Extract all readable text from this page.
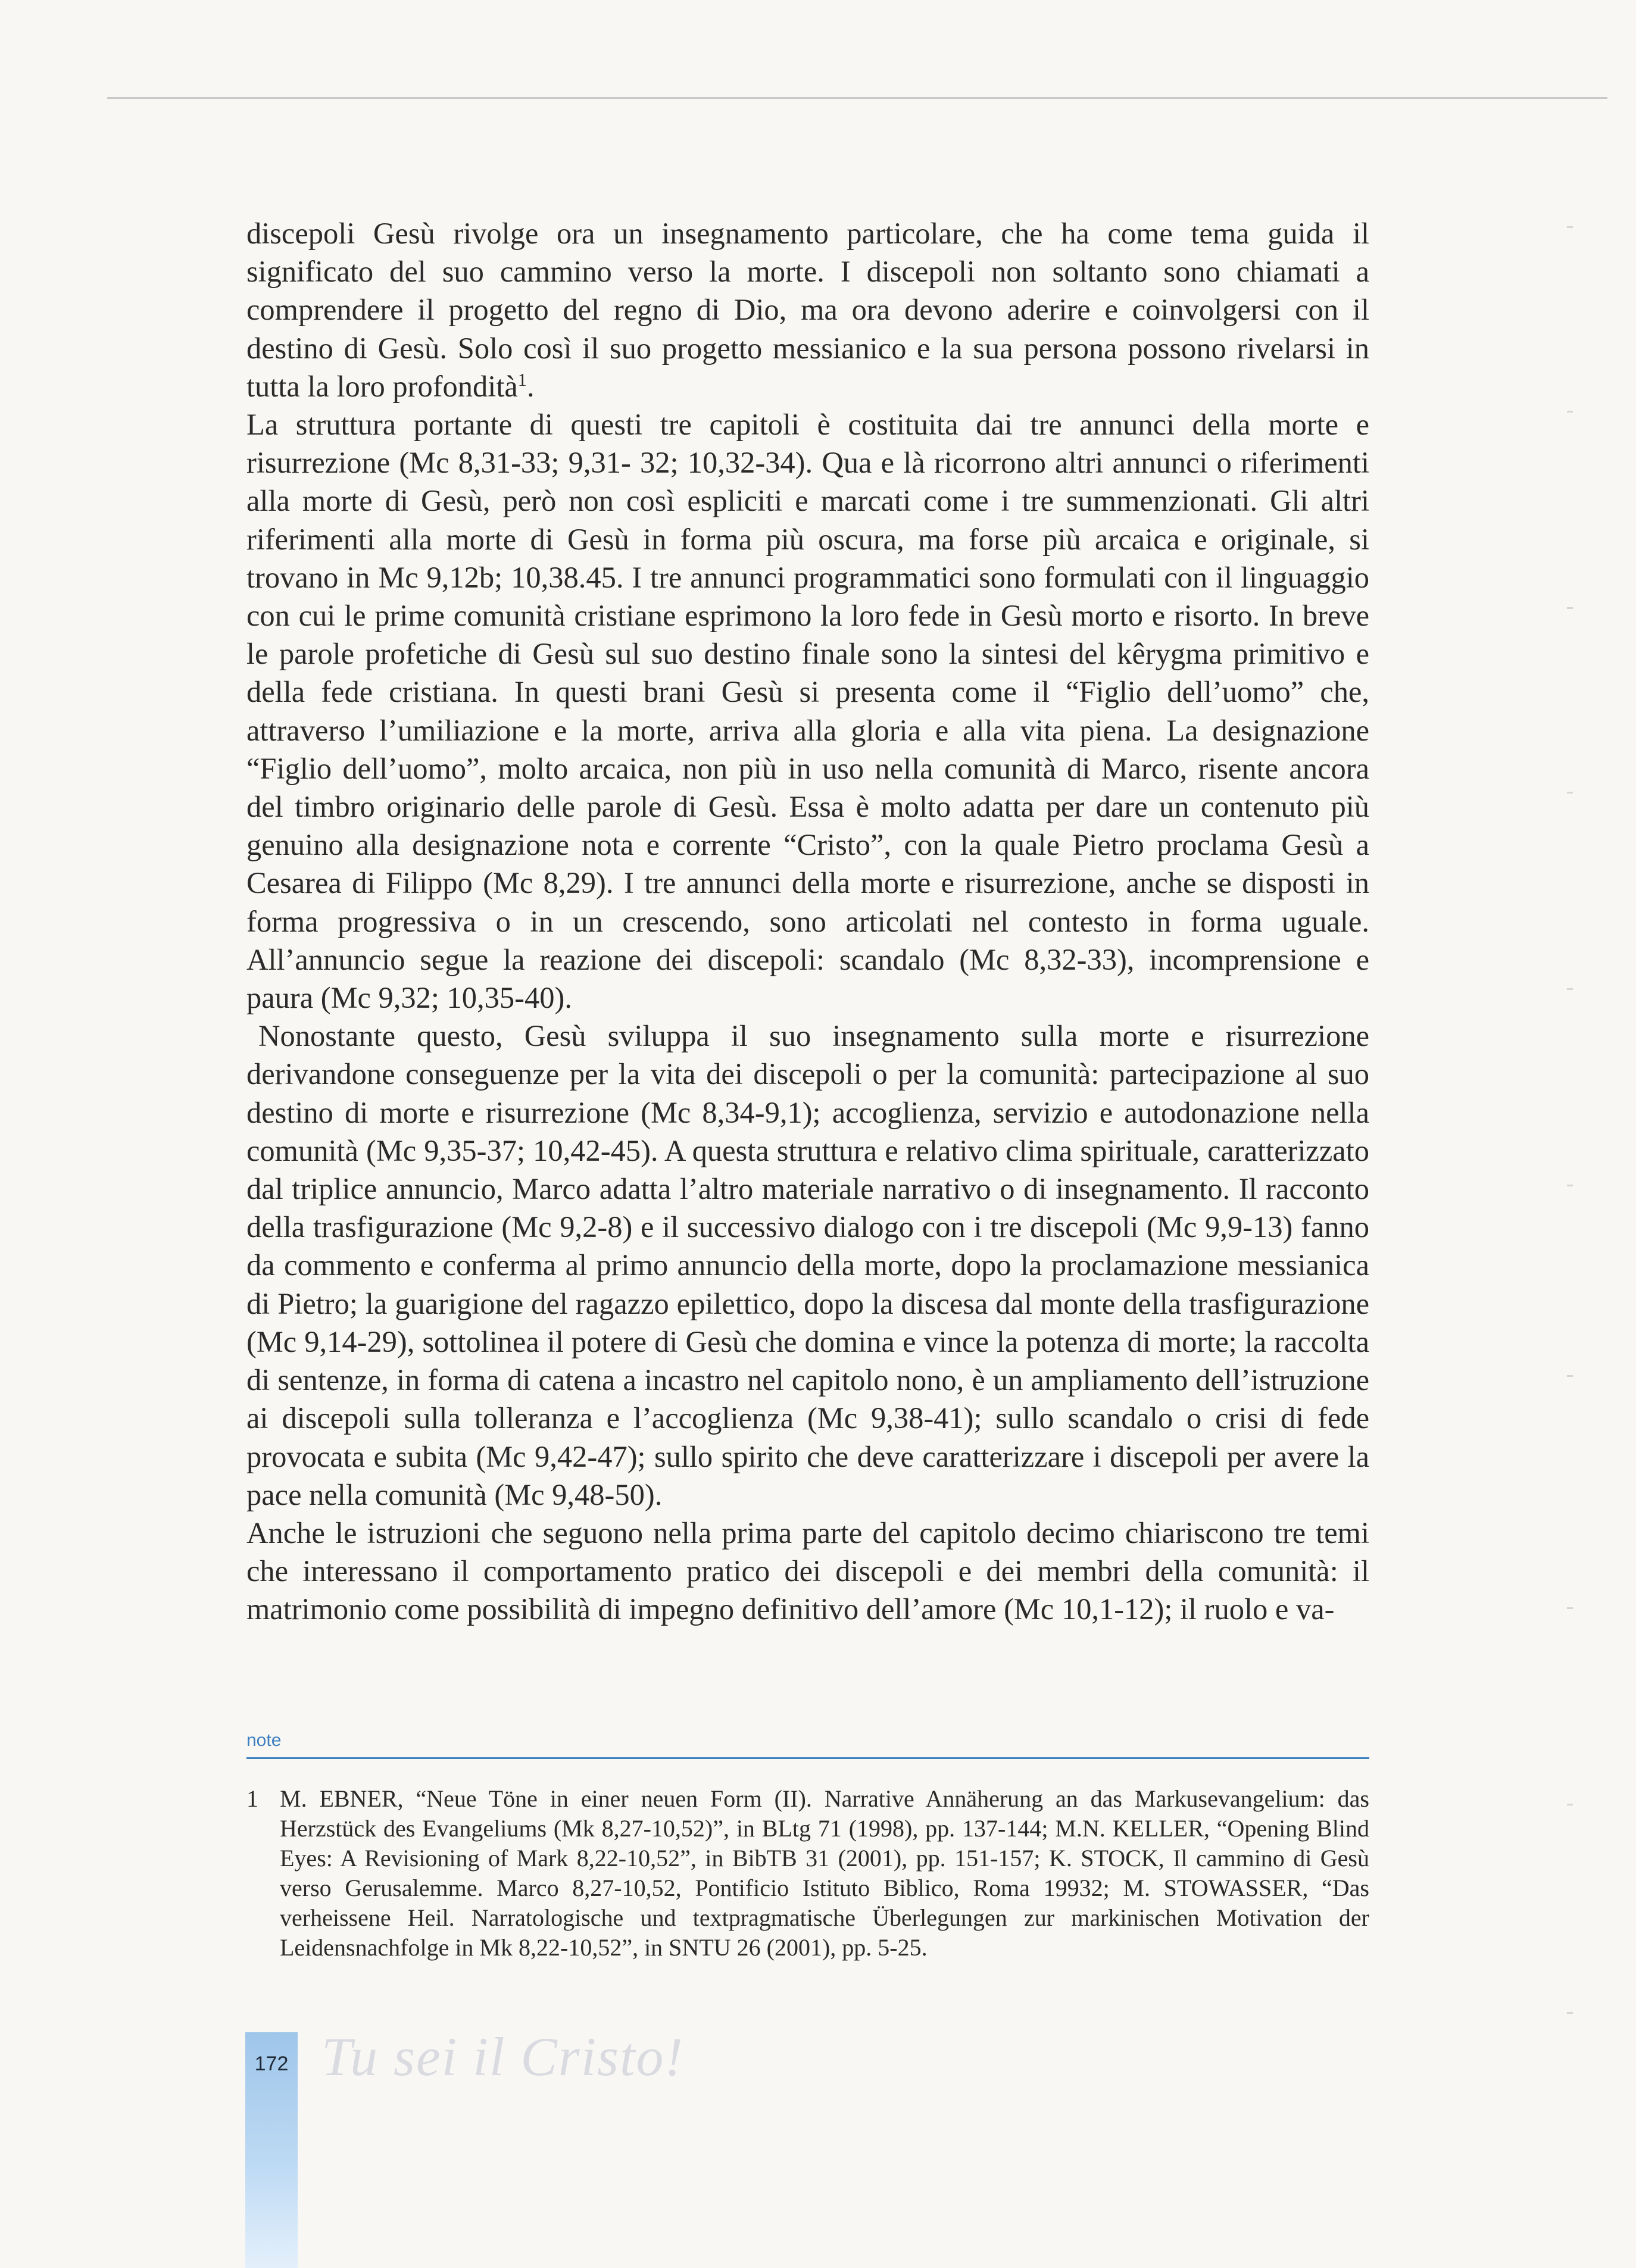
discepoli Gesù rivolge ora un insegnamento particolare, che ha come tema guida il significato del suo cammino verso la morte. I discepoli non soltanto sono chiamati a comprendere il progetto del regno di Dio, ma ora devono aderire e coinvolgersi con il destino di Gesù. Solo così il suo progetto messianico e la sua persona possono rivelarsi in tutta la loro profondità$^1$.

La struttura portante di questi tre capitoli è costituita dai tre annunci della morte e risurrezione (Mc 8,31-33; 9,31- 32; 10,32-34). Qua e là ricorrono altri annunci o riferimenti alla morte di Gesù, però non così espliciti e marcati come i tre summenzionati. Gli altri riferimenti alla morte di Gesù in forma più oscura, ma forse più arcaica e originale, si trovano in Mc 9,12b; 10,38.45. I tre annunci programmatici sono formulati con il linguaggio con cui le prime comunità cristiane esprimono la loro fede in Gesù morto e risorto. In breve le parole profetiche di Gesù sul suo destino finale sono la sintesi del kêrygma primitivo e della fede cristiana. In questi brani Gesù si presenta come il “Figlio dell’uomo” che, attraverso l’umiliazione e la morte, arriva alla gloria e alla vita piena. La designazione “Figlio dell’uomo”, molto arcaica, non più in uso nella comunità di Marco, risente ancora del timbro originario delle parole di Gesù. Essa è molto adatta per dare un contenuto più genuino alla designazione nota e corrente “Cristo”, con la quale Pietro proclama Gesù a Cesarea di Filippo (Mc 8,29). I tre annunci della morte e risurrezione, anche se disposti in forma progressiva o in un crescendo, sono articolati nel contesto in forma uguale. All’annuncio segue la reazione dei discepoli: scandalo (Mc 8,32-33), incomprensione e paura (Mc 9,32; 10,35-40).

Nonostante questo, Gesù sviluppa il suo insegnamento sulla morte e risurrezione derivandone conseguenze per la vita dei discepoli o per la comunità: partecipazione al suo destino di morte e risurrezione (Mc 8,34-9,1); accoglienza, servizio e autodonazione nella comunità (Mc 9,35-37; 10,42-45). A questa struttura e relativo clima spirituale, caratterizzato dal triplice annuncio, Marco adatta l’altro materiale narrativo o di insegnamento. Il racconto della trasfigurazione (Mc 9,2-8) e il successivo dialogo con i tre discepoli (Mc 9,9-13) fanno da commento e conferma al primo annuncio della morte, dopo la proclamazione messianica di Pietro; la guarigione del ragazzo epilettico, dopo la discesa dal monte della trasfigurazione (Mc 9,14-29), sottolinea il potere di Gesù che domina e vince la potenza di morte; la raccolta di sentenze, in forma di catena a incastro nel capitolo nono, è un ampliamento dell’istruzione ai discepoli sulla tolleranza e l’accoglienza (Mc 9,38-41); sullo scandalo o crisi di fede provocata e subita (Mc 9,42-47); sullo spirito che deve caratterizzare i discepoli per avere la pace nella comunità (Mc 9,48-50).

Anche le istruzioni che seguono nella prima parte del capitolo decimo chiariscono tre temi che interessano il comportamento pratico dei discepoli e dei membri della comunità: il matrimonio come possibilità di impegno definitivo dell’amore (Mc 10,1-12); il ruolo e va-

note

1 M. EBNER, “Neue Töne in einer neuen Form (II). Narrative Annäherung an das Markusevangelium: das Herzstück des Evangeliums (Mk 8,27-10,52)”, in BLtg 71 (1998), pp. 137-144; M.N. KELLER, “Opening Blind Eyes: A Revisioning of Mark 8,22-10,52”, in BibTB 31 (2001), pp. 151-157; K. STOCK, Il cammino di Gesù verso Gerusalemme. Marco 8,27-10,52, Pontificio Istituto Biblico, Roma 19932; M. STOWASSER, “Das verheissene Heil. Narratologische und textpragmatische Überlegungen zur markinischen Motivation der Leidensnachfolge in Mk 8,22-10,52”, in SNTU 26 (2001), pp. 5-25.
172 Tu sei il Cristo!
